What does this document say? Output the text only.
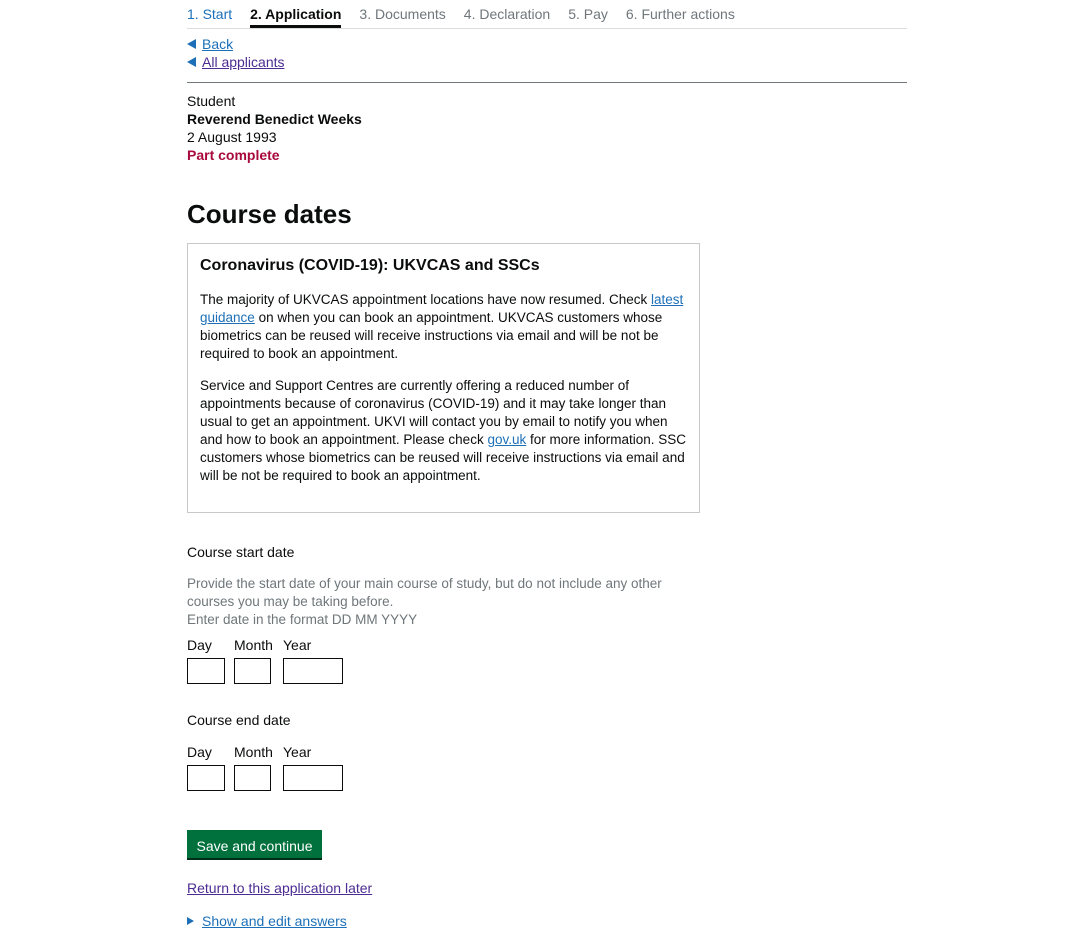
1. Start 2. Application 3. Documents 4. Declaration 5. Pay 6. Further actions
Back
All applicants
Student
Reverend Benedict Weeks
2 August 1993
Part complete
Course dates
Coronavirus (COVID-19): UKVCAS and SSCs

The majority of UKVCAS appointment locations have now resumed. Check latest guidance on when you can book an appointment. UKVCAS customers whose biometrics can be reused will receive instructions via email and will be not be required to book an appointment.

Service and Support Centres are currently offering a reduced number of appointments because of coronavirus (COVID-19) and it may take longer than usual to get an appointment. UKVI will contact you by email to notify you when and how to book an appointment. Please check gov.uk for more information. SSC customers whose biometrics can be reused will receive instructions via email and will be not be required to book an appointment.

Course start date
Provide the start date of your main course of study, but do not include any other courses you may be taking before.
Enter date in the format DD MM YYYY
Day Month Year
Course end date
Day Month Year
Save and continue
Return to this application later
Show and edit answers
